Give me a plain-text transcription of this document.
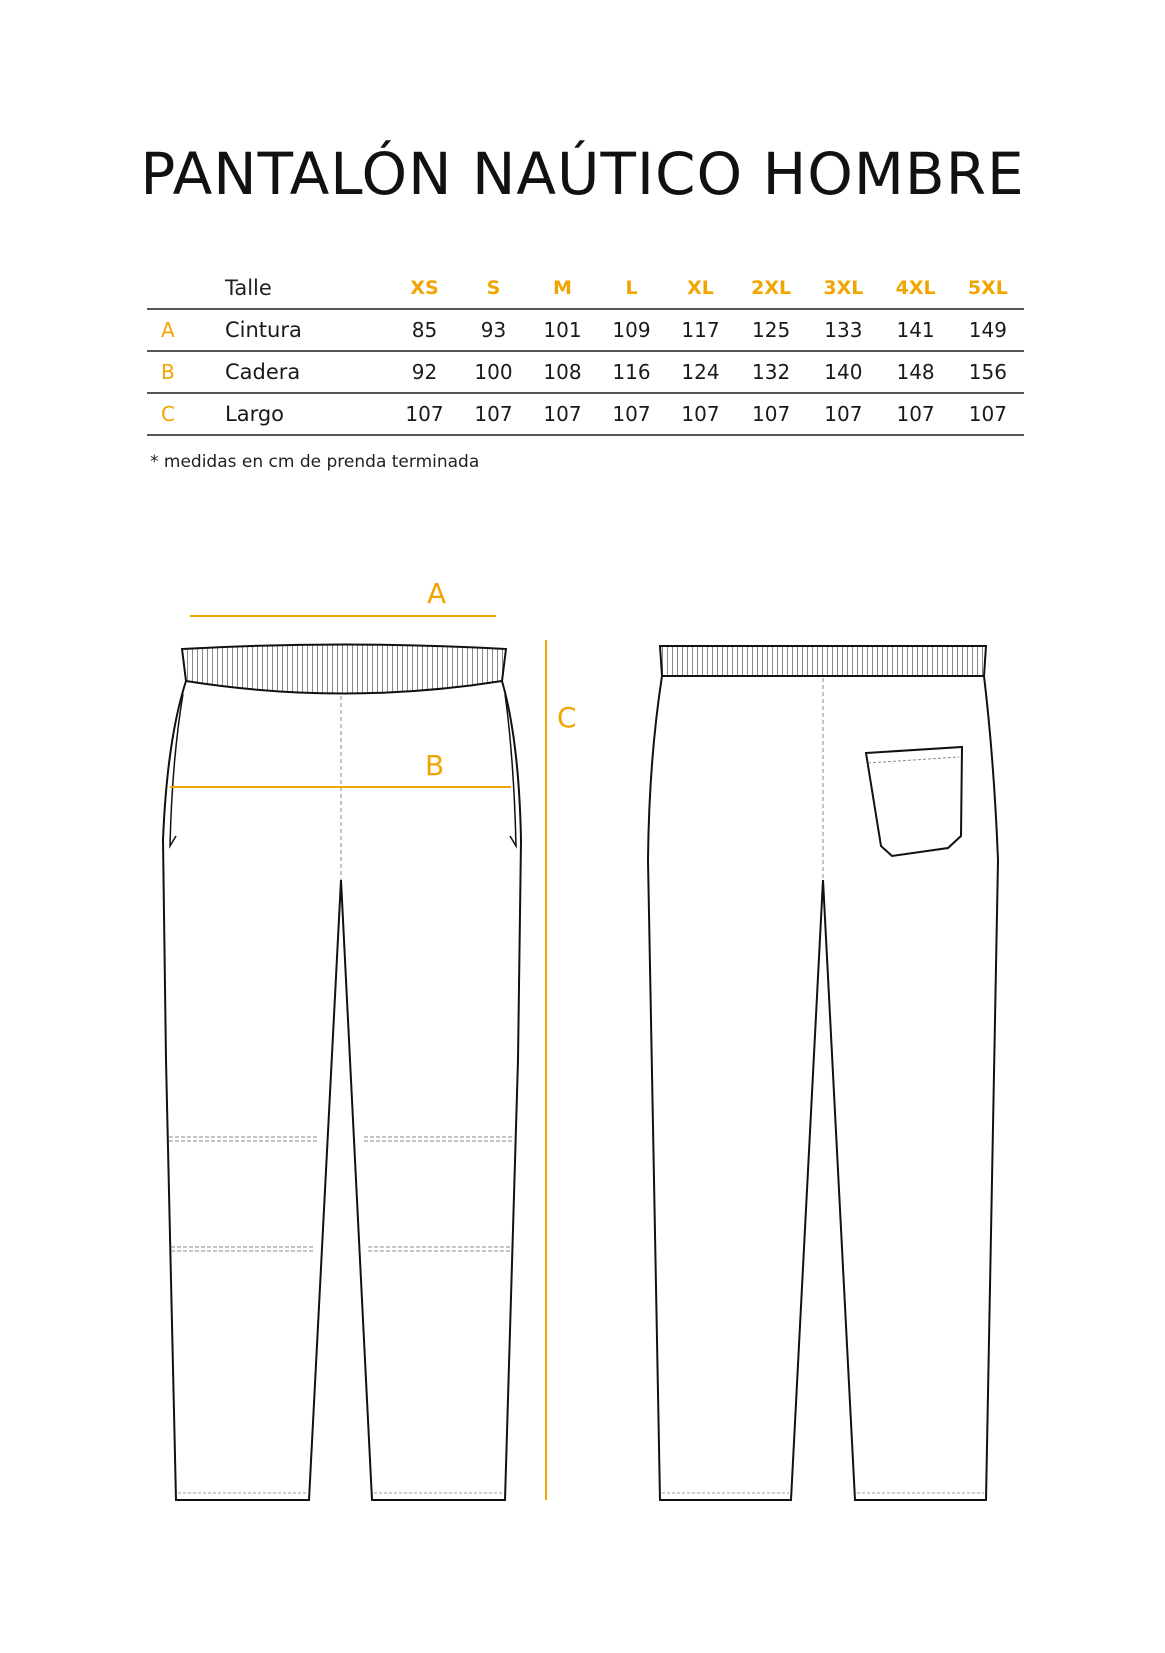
PANTALÓN NAÚTICO HOMBRE
	Talle	XS	S	M	L	XL	2XL	3XL	4XL	5XL
A	Cintura	85	93	101	109	117	125	133	141	149
B	Cadera	92	100	108	116	124	132	140	148	156
C	Largo	107	107	107	107	107	107	107	107	107
* medidas en cm de prenda terminada
A
B
C
